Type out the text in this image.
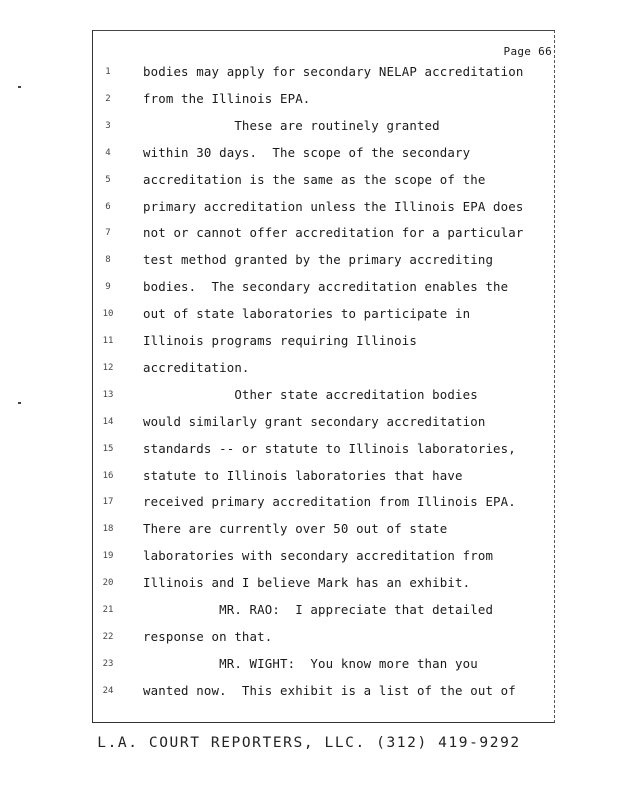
Page 66
1	bodies may apply for secondary NELAP accreditation
2	from the Illinois EPA.
3	These are routinely granted
4	within 30 days.  The scope of the secondary
5	accreditation is the same as the scope of the
6	primary accreditation unless the Illinois EPA does
7	not or cannot offer accreditation for a particular
8	test method granted by the primary accrediting
9	bodies.  The secondary accreditation enables the
10 out of state laboratories to participate in
11 Illinois programs requiring Illinois
12 accreditation.
13 Other state accreditation bodies
14 would similarly grant secondary accreditation
15 standards -- or statute to Illinois laboratories,
16 statute to Illinois laboratories that have
17 received primary accreditation from Illinois EPA.
18 There are currently over 50 out of state
19 laboratories with secondary accreditation from
20 Illinois and I believe Mark has an exhibit.
21 MR. RAO:  I appreciate that detailed
22 response on that.
23 MR. WIGHT:  You know more than you
24 wanted now.  This exhibit is a list of the out of
L.A. COURT REPORTERS, LLC. (312) 419-9292
